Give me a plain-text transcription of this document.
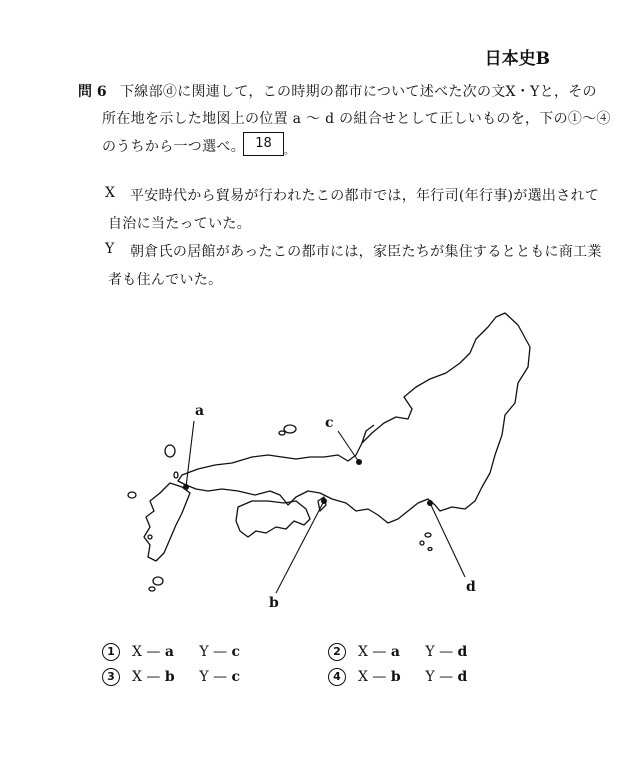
日本史B
問 6 下線部ⓓに関連して，この時期の都市について述べた次の文X・Yと，その
所在地を示した地図上の位置 a ～ d の組合せとして正しいものを，下の①～④
のうちから一つ選べ。 18
。
X 平安時代から貿易が行われたこの都市では，年行司(年行事)が選出されて
自治に当たっていた。
Y 朝倉氏の居館があったこの都市には，家臣たちが集住するとともに商工業
者も住んでいた。
a
b
c
d
1 X — a Y — c	2 X — a Y — d
3 X — b Y — c	4 X — b Y — d
